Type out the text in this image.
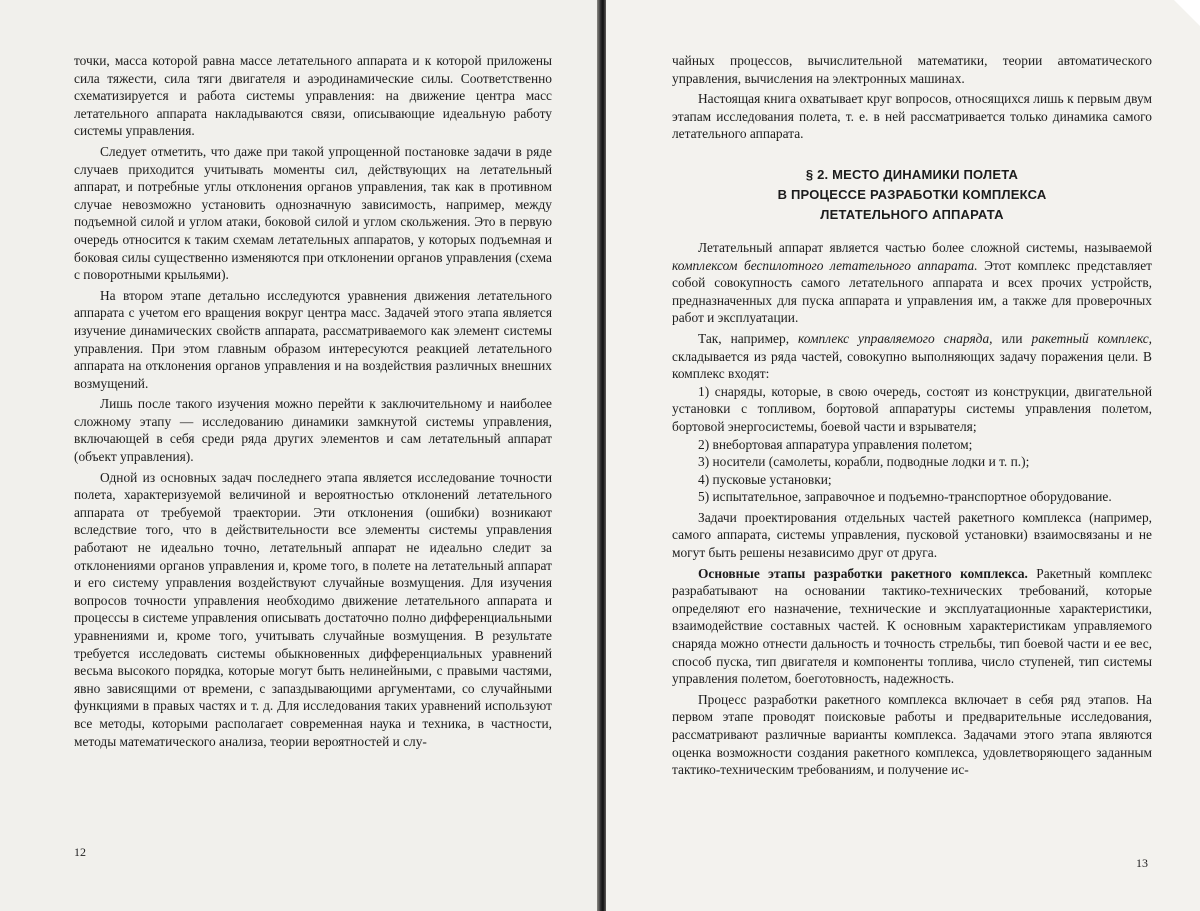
точки, масса которой равна массе летательного аппарата и к которой приложены сила тяжести, сила тяги двигателя и аэродинамические силы. Соответственно схематизируется и работа системы управления: на движение центра масс летательного аппарата накладываются связи, описывающие идеальную работу системы управления.

Следует отметить, что даже при такой упрощенной постановке задачи в ряде случаев приходится учитывать моменты сил, действующих на летательный аппарат, и потребные углы отклонения органов управления, так как в противном случае невозможно установить однозначную зависимость, например, между подъемной силой и углом атаки, боковой силой и углом скольжения. Это в первую очередь относится к таким схемам летательных аппаратов, у которых подъемная и боковая силы существенно изменяются при отклонении органов управления (схема с поворотными крыльями).

На втором этапе детально исследуются уравнения движения летательного аппарата с учетом его вращения вокруг центра масс. Задачей этого этапа является изучение динамических свойств аппарата, рассматриваемого как элемент системы управления. При этом главным образом интересуются реакцией летательного аппарата на отклонения органов управления и на воздействия различных внешних возмущений.

Лишь после такого изучения можно перейти к заключительному и наиболее сложному этапу — исследованию динамики замкнутой системы управления, включающей в себя среди ряда других элементов и сам летательный аппарат (объект управления).

Одной из основных задач последнего этапа является исследование точности полета, характеризуемой величиной и вероятностью отклонений летательного аппарата от требуемой траектории. Эти отклонения (ошибки) возникают вследствие того, что в действительности все элементы системы управления работают не идеально точно, летательный аппарат не идеально следит за отклонениями органов управления и, кроме того, в полете на летательный аппарат и его систему управления воздействуют случайные возмущения. Для изучения вопросов точности управления необходимо движение летательного аппарата и процессы в системе управления описывать достаточно полно дифференциальными уравнениями и, кроме того, учитывать случайные возмущения. В результате требуется исследовать системы обыкновенных дифференциальных уравнений весьма высокого порядка, которые могут быть нелинейными, с правыми частями, явно зависящими от времени, с запаздывающими аргументами, со случайными функциями в правых частях и т. д. Для исследования таких уравнений используют все методы, которыми располагает современная наука и техника, в частности, методы математического анализа, теории вероятностей и слу-

12

чайных процессов, вычислительной математики, теории автоматического управления, вычисления на электронных машинах.

Настоящая книга охватывает круг вопросов, относящихся лишь к первым двум этапам исследования полета, т. е. в ней рассматривается только динамика самого летательного аппарата.

§ 2. МЕСТО ДИНАМИКИ ПОЛЕТА
В ПРОЦЕССЕ РАЗРАБОТКИ КОМПЛЕКСА
ЛЕТАТЕЛЬНОГО АППАРАТА

Летательный аппарат является частью более сложной системы, называемой комплексом беспилотного летательного аппарата. Этот комплекс представляет собой совокупность самого летательного аппарата и всех прочих устройств, предназначенных для пуска аппарата и управления им, а также для проверочных работ и эксплуатации.

Так, например, комплекс управляемого снаряда, или ракетный комплекс, складывается из ряда частей, совокупно выполняющих задачу поражения цели. В комплекс входят:

1) снаряды, которые, в свою очередь, состоят из конструкции, двигательной установки с топливом, бортовой аппаратуры системы управления полетом, бортовой энергосистемы, боевой части и взрывателя;

2) внебортовая аппаратура управления полетом;

3) носители (самолеты, корабли, подводные лодки и т. п.);

4) пусковые установки;

5) испытательное, заправочное и подъемно-транспортное оборудование.

Задачи проектирования отдельных частей ракетного комплекса (например, самого аппарата, системы управления, пусковой установки) взаимосвязаны и не могут быть решены независимо друг от друга.

Основные этапы разработки ракетного комплекса. Ракетный комплекс разрабатывают на основании тактико-технических требований, которые определяют его назначение, технические и эксплуатационные характеристики, взаимодействие составных частей. К основным характеристикам управляемого снаряда можно отнести дальность и точность стрельбы, тип боевой части и ее вес, способ пуска, тип двигателя и компоненты топлива, число ступеней, тип системы управления полетом, боеготовность, надежность.

Процесс разработки ракетного комплекса включает в себя ряд этапов. На первом этапе проводят поисковые работы и предварительные исследования, рассматривают различные варианты комплекса. Задачами этого этапа являются оценка возможности создания ракетного комплекса, удовлетворяющего заданным тактико-техническим требованиям, и получение ис-

13
